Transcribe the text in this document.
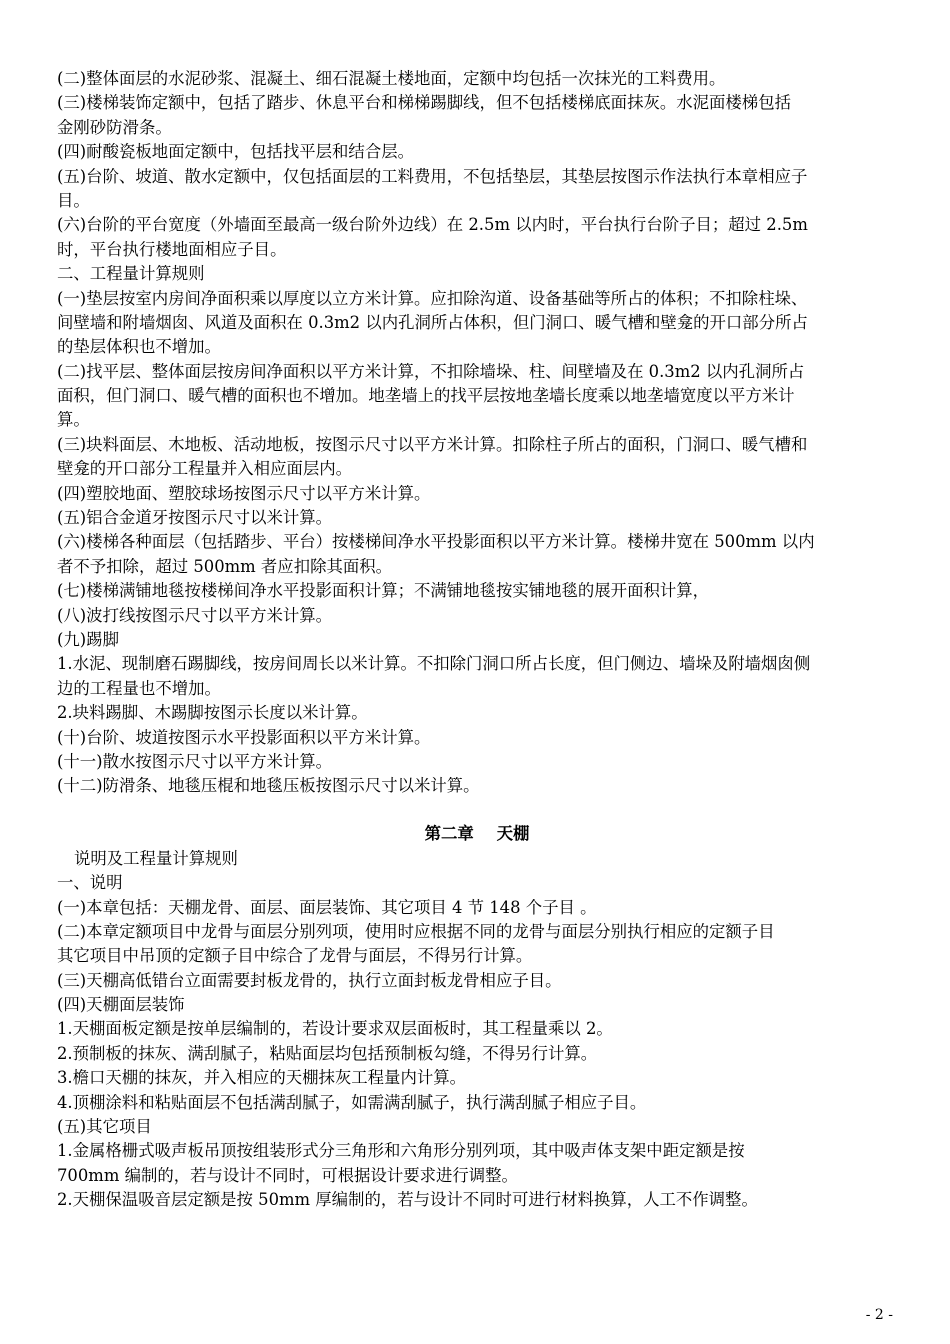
(二)整体面层的水泥砂浆、混凝土、细石混凝土楼地面，定额中均包括一次抹光的工料费用。
(三)楼梯装饰定额中，包括了踏步、休息平台和梯梯踢脚线，但不包括楼梯底面抹灰。水泥面楼梯包括
金刚砂防滑条。
(四)耐酸瓷板地面定额中，包括找平层和结合层。
(五)台阶、坡道、散水定额中，仅包括面层的工料费用，不包括垫层，其垫层按图示作法执行本章相应子
目。
(六)台阶的平台宽度（外墙面至最高一级台阶外边线）在 2.5m 以内时，平台执行台阶子目；超过 2.5m
时，平台执行楼地面相应子目。
二、工程量计算规则
(一)垫层按室内房间净面积乘以厚度以立方米计算。应扣除沟道、设备基础等所占的体积；不扣除柱垛、
间壁墙和附墙烟囱、风道及面积在 0.3m2 以内孔洞所占体积，但门洞口、暖气槽和壁龛的开口部分所占
的垫层体积也不增加。
(二)找平层、整体面层按房间净面积以平方米计算，不扣除墙垛、柱、间壁墙及在 0.3m2 以内孔洞所占
面积，但门洞口、暖气槽的面积也不增加。地垄墙上的找平层按地垄墙长度乘以地垄墙宽度以平方米计
算。
(三)块料面层、木地板、活动地板，按图示尺寸以平方米计算。扣除柱子所占的面积，门洞口、暖气槽和
壁龛的开口部分工程量并入相应面层内。
(四)塑胶地面、塑胶球场按图示尺寸以平方米计算。
(五)铝合金道牙按图示尺寸以米计算。
(六)楼梯各种面层（包括踏步、平台）按楼梯间净水平投影面积以平方米计算。楼梯井宽在 500mm 以内
者不予扣除，超过 500mm 者应扣除其面积。
(七)楼梯满铺地毯按楼梯间净水平投影面积计算；不满铺地毯按实铺地毯的展开面积计算，
(八)波打线按图示尺寸以平方米计算。
(九)踢脚
1.水泥、现制磨石踢脚线，按房间周长以米计算。不扣除门洞口所占长度，但门侧边、墙垛及附墙烟囱侧
边的工程量也不增加。
2.块料踢脚、木踢脚按图示长度以米计算。
(十)台阶、坡道按图示水平投影面积以平方米计算。
(十一)散水按图示尺寸以平方米计算。
(十二)防滑条、地毯压棍和地毯压板按图示尺寸以米计算。
第二章    天棚
说明及工程量计算规则
一、说明
(一)本章包括：天棚龙骨、面层、面层装饰、其它项目 4 节 148 个子目 。
(二)本章定额项目中龙骨与面层分别列项，使用时应根据不同的龙骨与面层分别执行相应的定额子目
其它项目中吊顶的定额子目中综合了龙骨与面层，不得另行计算。
(三)天棚高低错台立面需要封板龙骨的，执行立面封板龙骨相应子目。
(四)天棚面层装饰
1.天棚面板定额是按单层编制的，若设计要求双层面板时，其工程量乘以 2。
2.预制板的抹灰、满刮腻子，粘贴面层均包括预制板勾缝，不得另行计算。
3.檐口天棚的抹灰，并入相应的天棚抹灰工程量内计算。
4.顶棚涂料和粘贴面层不包括满刮腻子，如需满刮腻子，执行满刮腻子相应子目。
(五)其它项目
1.金属格栅式吸声板吊顶按组装形式分三角形和六角形分别列项，其中吸声体支架中距定额是按
700mm 编制的，若与设计不同时，可根据设计要求进行调整。
2.天棚保温吸音层定额是按 50mm 厚编制的，若与设计不同时可进行材料换算，人工不作调整。
- 2 -
